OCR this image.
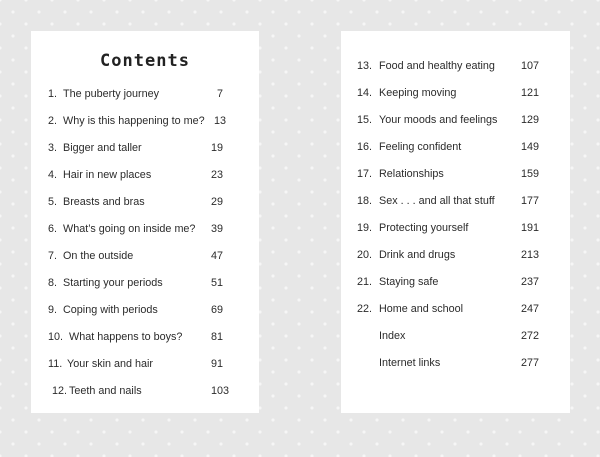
Contents
1. The puberty journey	7
2. Why is this happening to me? 13
3. Bigger and taller	19
4. Hair in new places	23
5. Breasts and bras	29
6. What’s going on inside me? 39
7. On the outside	47
8. Starting your periods	51
9. Coping with periods	69
10. What happens to boys?	81
11. Your skin and hair	91
12. Teeth and nails	103
13. Food and healthy eating 107
14. Keeping moving	121
15. Your moods and feelings 129
16. Feeling confident	149
17. Relationships	159
18. Sex . . . and all that stuff 177
19. Protecting yourself	191
20. Drink and drugs	213
21. Staying safe	237
22. Home and school	247
Index	272
Internet links	277
